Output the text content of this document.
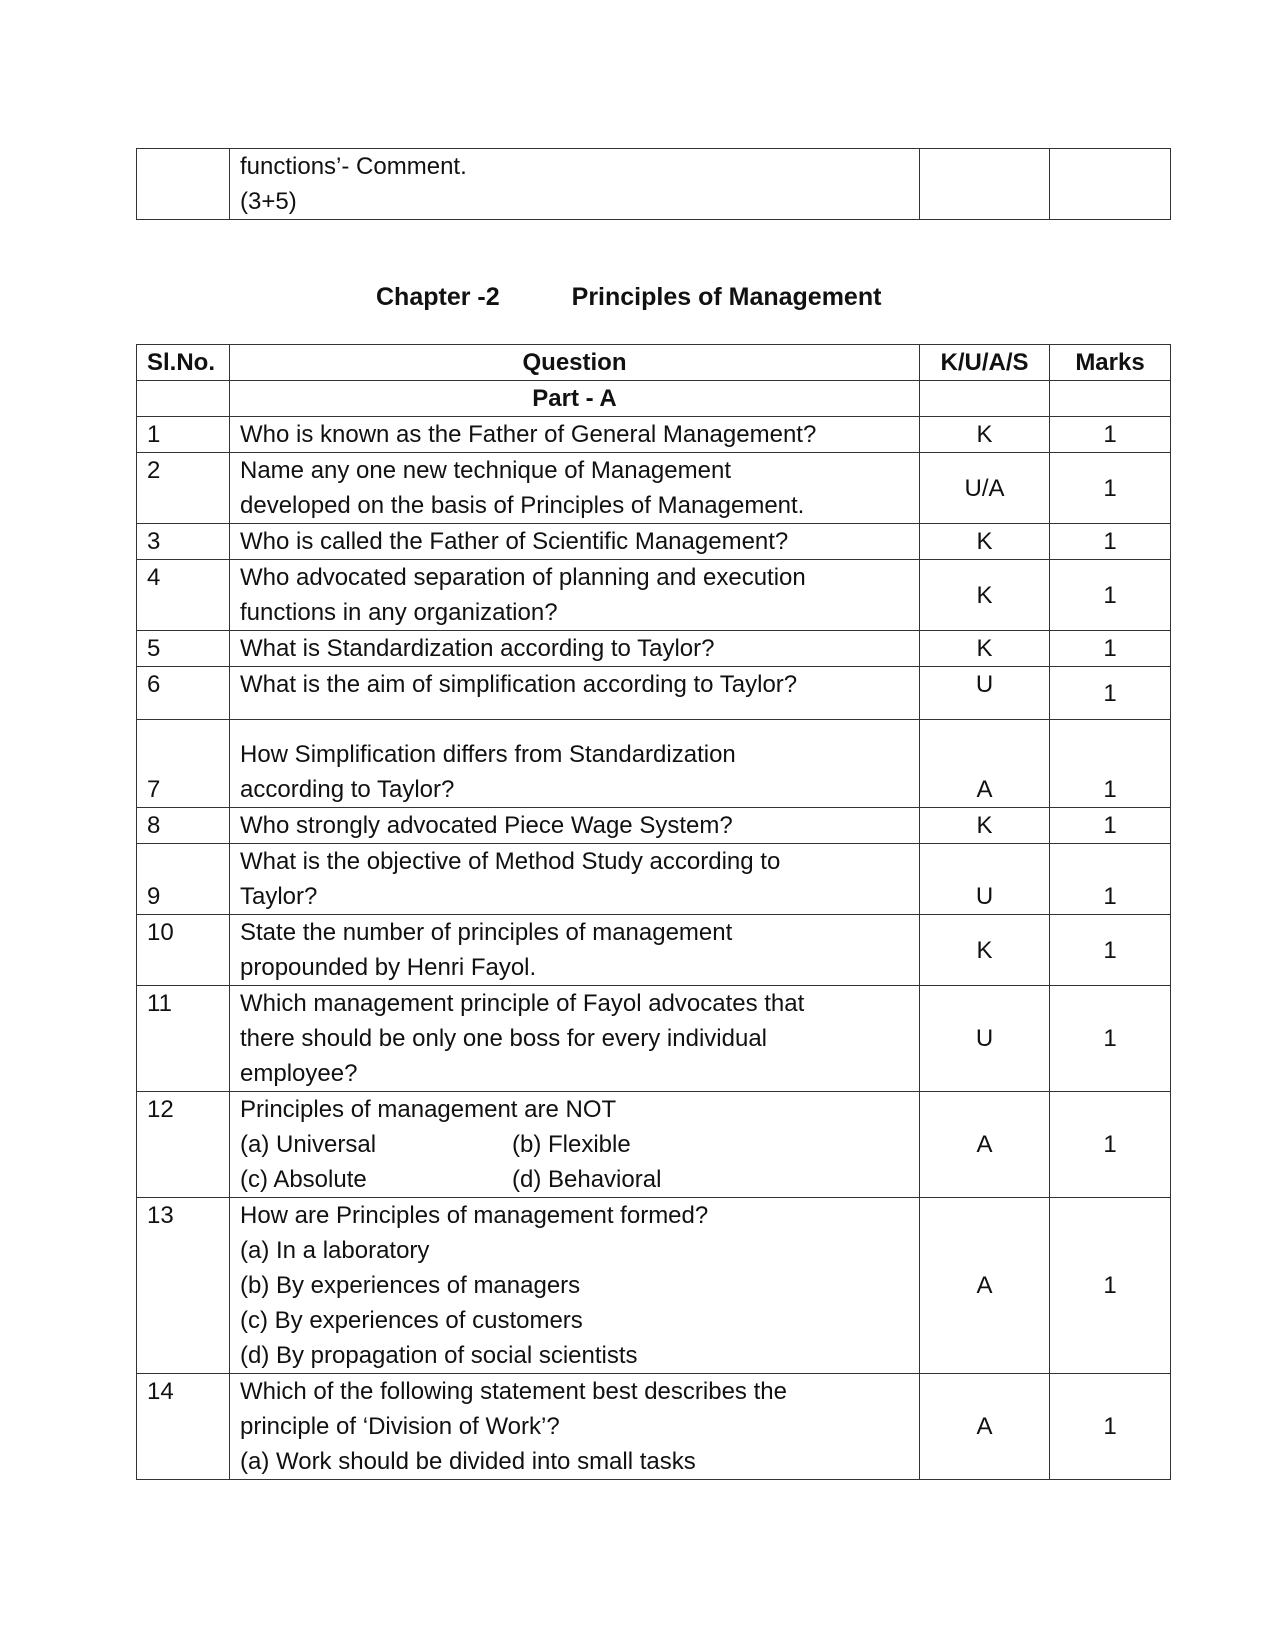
functions’- Comment.
(3+5)

Chapter -2	Principles of Management
Sl.No.	Question	K/U/A/S	Marks
	Part - A		
1	Who is known as the Father of General Management?	K	1
2	Name any one new technique of Management
developed on the basis of Principles of Management.	U/A	1
3	Who is called the Father of Scientific Management?	K	1
4	Who advocated separation of planning and execution
functions in any organization?	K	1
5	What is Standardization according to Taylor?	K	1
6	What is the aim of simplification according to Taylor?	U	1
7	How Simplification differs from Standardization
according to Taylor?	A	1
8	Who strongly advocated Piece Wage System?	K	1
9	What is the objective of Method Study according to
Taylor?	U	1
10	State the number of principles of management
propounded by Henri Fayol.	K	1
11	Which management principle of Fayol advocates that
there should be only one boss for every individual
employee?	U	1
12	Principles of management are NOT
(a) Universal (b) Flexible
(c) Absolute (d) Behavioral	A	1
13	How are Principles of management formed?
(a) In a laboratory
(b) By experiences of managers
(c) By experiences of customers
(d) By propagation of social scientists	A	1
14	Which of the following statement best describes the
principle of ‘Division of Work’?
(a) Work should be divided into small tasks	A	1
